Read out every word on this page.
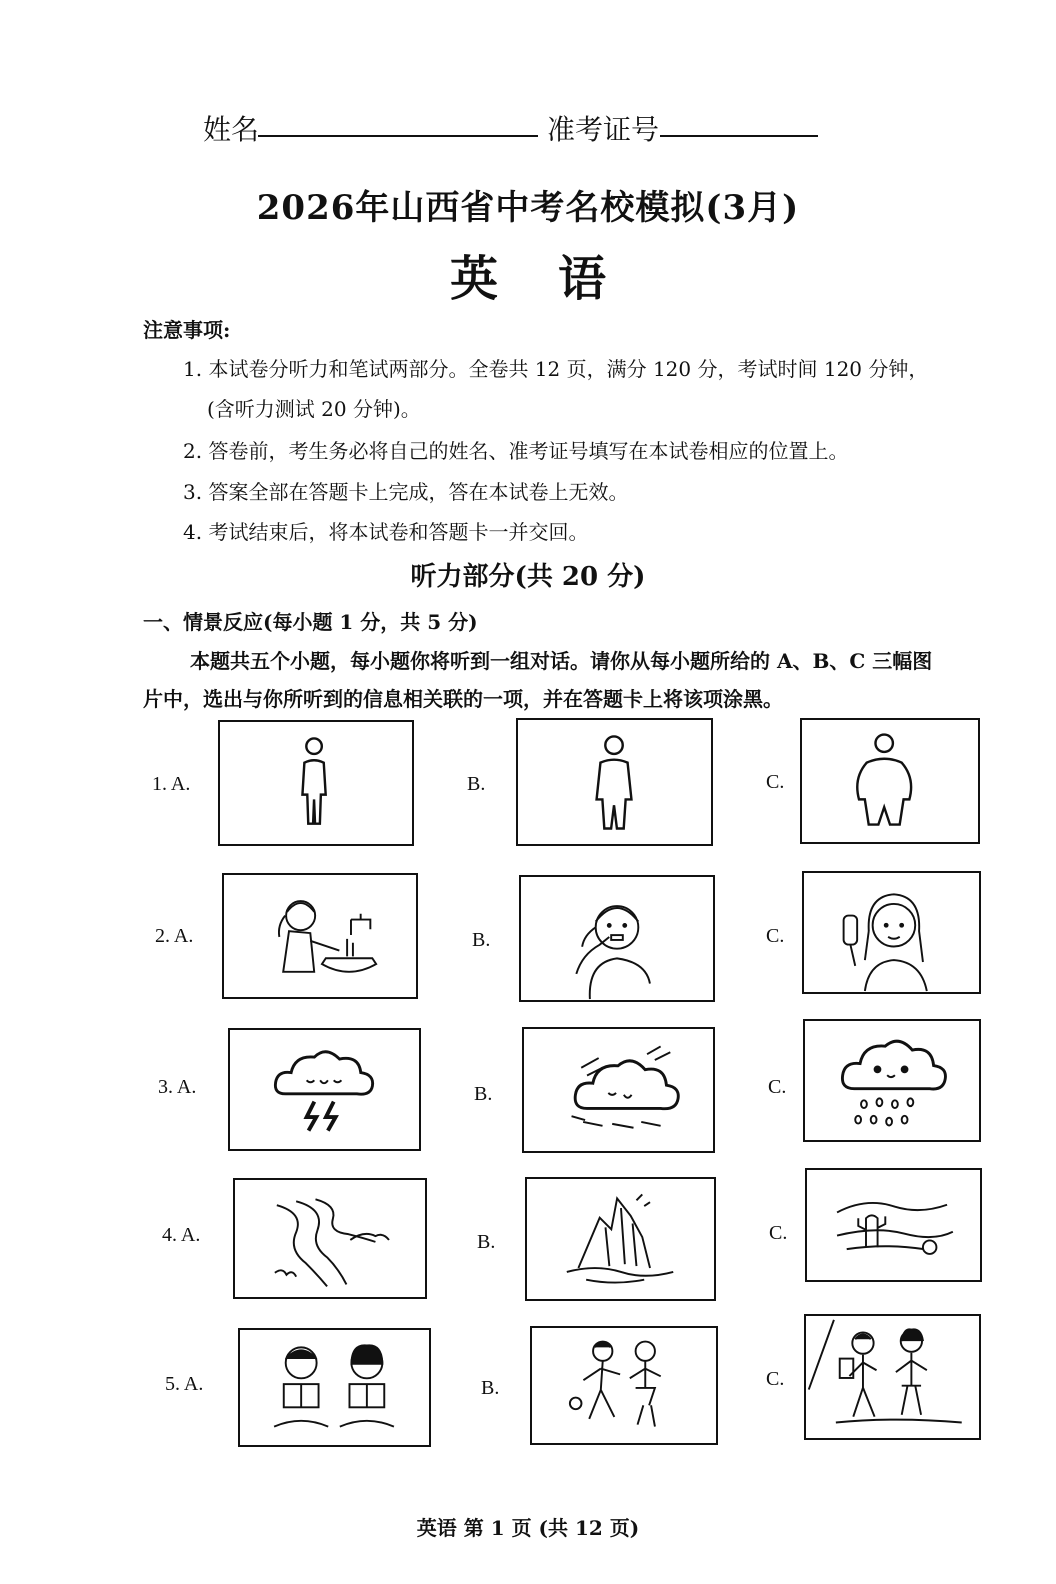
姓名	准考证号
2026年山西省中考名校模拟(3月)
英语
注意事项:
1. 本试卷分听力和笔试两部分。全卷共 12 页，满分 120 分，考试时间 120 分钟，
(含听力测试 20 分钟)。
2. 答卷前，考生务必将自己的姓名、准考证号填写在本试卷相应的位置上。
3. 答案全部在答题卡上完成，答在本试卷上无效。
4. 考试结束后，将本试卷和答题卡一并交回。
听力部分(共 20 分)
一、情景反应(每小题 1 分，共 5 分)
本题共五个小题，每小题你将听到一组对话。请你从每小题所给的 A、B、C 三幅图
片中，选出与你所听到的信息相关联的一项，并在答题卡上将该项涂黑。
1. A.	B.	C.
2. A.	B.	C.
3. A.	B.	C.
4. A.	B.	C.
5. A.	B.	C.
英语 第 1 页 (共 12 页)
